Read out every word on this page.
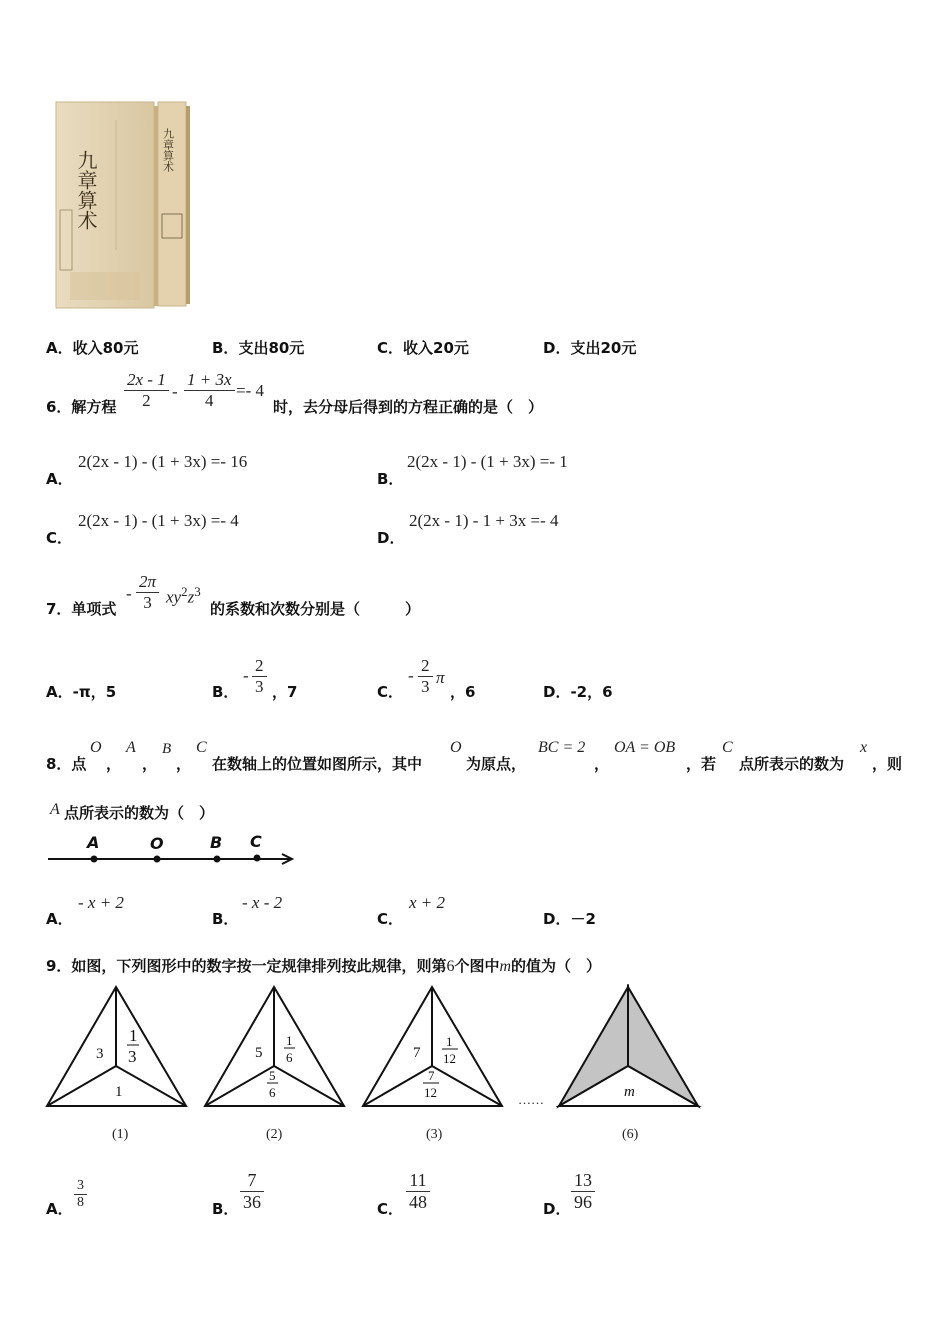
九章算术	九章算术
A．收入80元	B．支出80元	C．收入20元	D．支出20元
6．解方程 $\frac{2x - 1}{2} - \frac{1 + 3x}{4} =- 4$
时，去分母后得到的方程正确的是（　）
A．
2(2x - 1) - (1 + 3x) =- 16
B．
2(2x - 1) - (1 + 3x) =- 1
C．
2(2x - 1) - (1 + 3x) =- 4
D．
2(2x - 1) - 1 + 3x =- 4
7．单项式
- $\frac{2\pi}{3} xy^2z^3$
的系数和次数分别是（　　　）
A．-π，5	B．
- $\frac{2}{3}$ ，7	C．
- $\frac{2}{3}$ π
，6	D．-2，6
8．点
O
，
A
，
B
，
C
在数轴上的位置如图所示，其中
O
为原点，
BC = 2
，
OA = OB
，若
C
点所表示的数为
x
，则
A 点所表示的数为（　）
A	O	B C
A．
- x + 2
B．
- x - 2
C．
x + 2
D．－2
9．如图，下列图形中的数字按一定规律排列按此规律，则第6个图中m的值为（　）
3
1
3
1
(1)
5
1
6
5
6
(2)
7
1
12
7
12
(3)
……	m
(6)
A． $\frac{3}{8}$	B． $\frac{7}{36}$	C． $\frac{11}{48}$	D． $\frac{13}{96}$
